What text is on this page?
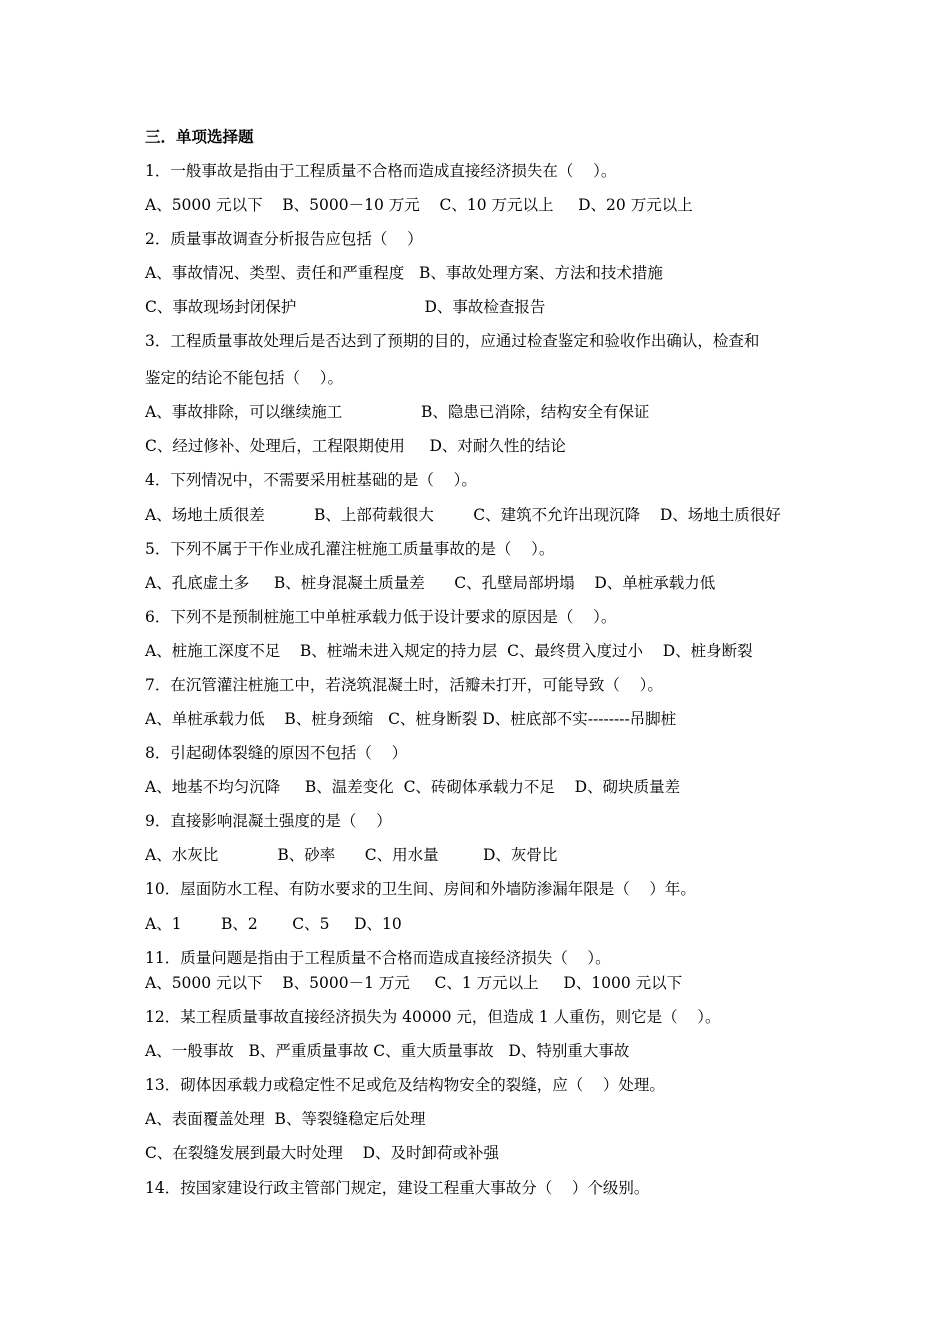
三．单项选择题
1．一般事故是指由于工程质量不合格而造成直接经济损失在（    ）。
A、5000 元以下    B、5000－10 万元    C、10 万元以上     D、20 万元以上
2．质量事故调查分析报告应包括（    ）
A、事故情况、类型、责任和严重程度   B、事故处理方案、方法和技术措施
C、事故现场封闭保护                          D、事故检查报告
3．工程质量事故处理后是否达到了预期的目的，应通过检查鉴定和验收作出确认，检查和
鉴定的结论不能包括（    ）。
A、事故排除，可以继续施工                B、隐患已消除，结构安全有保证
C、经过修补、处理后，工程限期使用     D、对耐久性的结论
4．下列情况中，不需要采用桩基础的是（    ）。
A、场地土质很差          B、上部荷载很大        C、建筑不允许出现沉降    D、场地土质很好
5．下列不属于干作业成孔灌注桩施工质量事故的是（    ）。
A、孔底虚土多     B、桩身混凝土质量差      C、孔壁局部坍塌    D、单桩承载力低
6．下列不是预制桩施工中单桩承载力低于设计要求的原因是（    ）。
A、桩施工深度不足    B、桩端未进入规定的持力层  C、最终贯入度过小    D、桩身断裂
7．在沉管灌注桩施工中，若浇筑混凝土时，活瓣未打开，可能导致（    ）。
A、单桩承载力低    B、桩身颈缩   C、桩身断裂 D、桩底部不实--------吊脚桩
8．引起砌体裂缝的原因不包括（    ）
A、地基不均匀沉降     B、温差变化  C、砖砌体承载力不足    D、砌块质量差
9．直接影响混凝土强度的是（    ）
A、水灰比            B、砂率      C、用水量         D、灰骨比
10．屋面防水工程、有防水要求的卫生间、房间和外墙防渗漏年限是（    ）年。
A、1        B、2       C、5     D、10
11．质量问题是指由于工程质量不合格而造成直接经济损失（    ）。
A、5000 元以下    B、5000－1 万元     C、1 万元以上     D、1000 元以下
12．某工程质量事故直接经济损失为 40000 元，但造成 1 人重伤，则它是（    ）。
A、一般事故   B、严重质量事故 C、重大质量事故   D、特别重大事故
13．砌体因承载力或稳定性不足或危及结构物安全的裂缝，应（    ）处理。
A、表面覆盖处理  B、等裂缝稳定后处理
C、在裂缝发展到最大时处理    D、及时卸荷或补强
14．按国家建设行政主管部门规定，建设工程重大事故分（    ）个级别。
